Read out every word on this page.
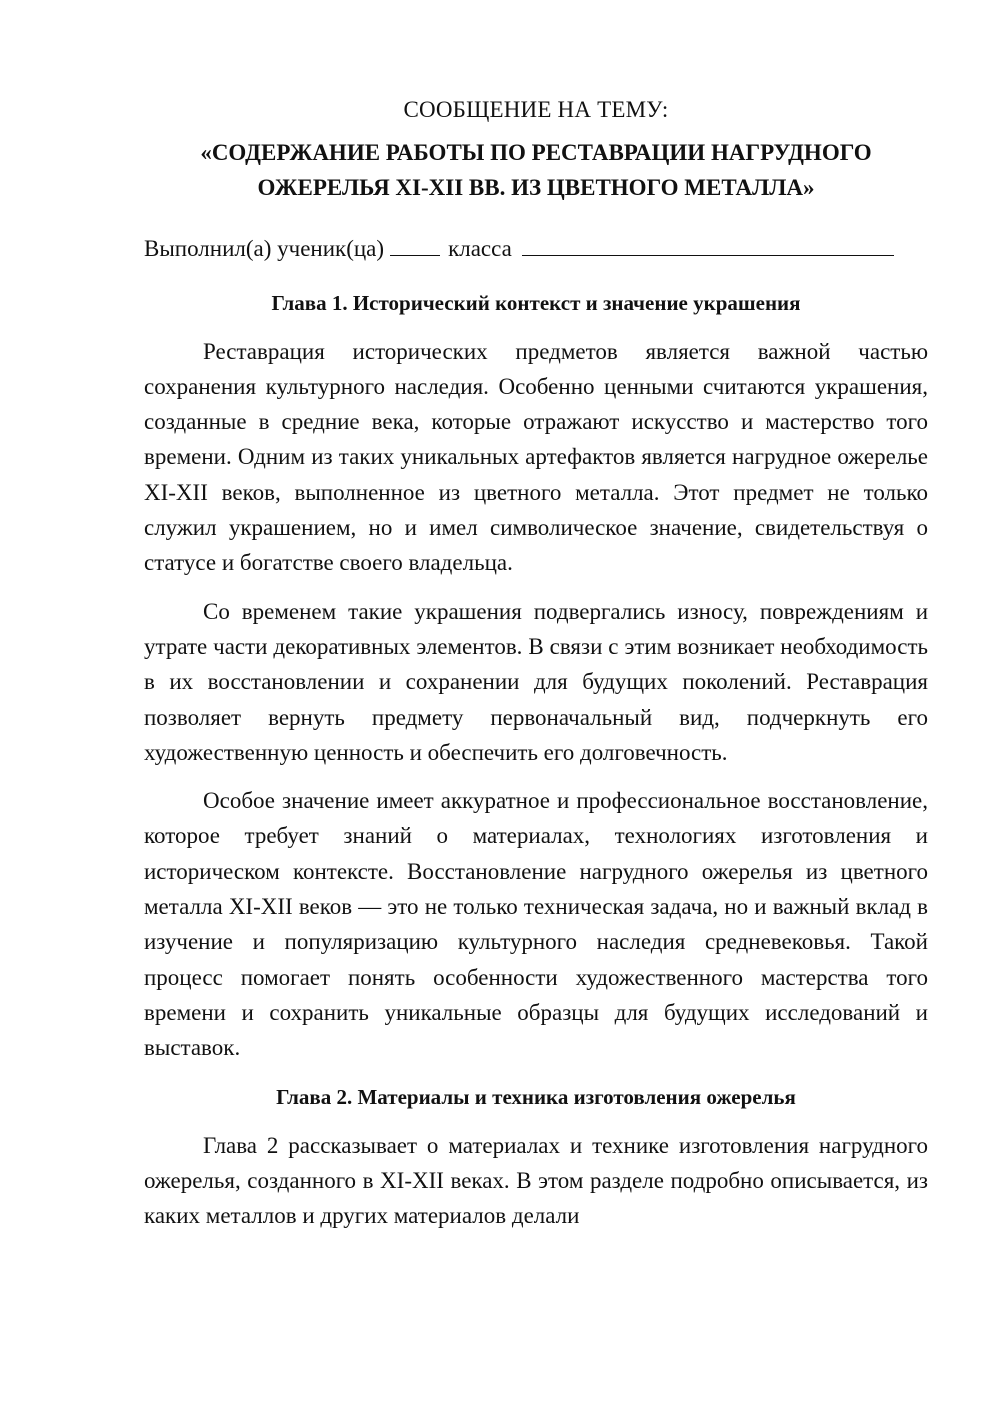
СООБЩЕНИЕ НА ТЕМУ:

«СОДЕРЖАНИЕ РАБОТЫ ПО РЕСТАВРАЦИИ НАГРУДНОГО ОЖЕРЕЛЬЯ XI-XII ВВ. ИЗ ЦВЕТНОГО МЕТАЛЛА»

Выполнил(а) ученик(ца)	класса

Глава 1. Исторический контекст и значение украшения

Реставрация исторических предметов является важной частью сохранения культурного наследия. Особенно ценными считаются украшения, созданные в средние века, которые отражают искусство и мастерство того времени. Одним из таких уникальных артефактов является нагрудное ожерелье XI-XII веков, выполненное из цветного металла. Этот предмет не только служил украшением, но и имел символическое значение, свидетельствуя о статусе и богатстве своего владельца.

Со временем такие украшения подвергались износу, повреждениям и утрате части декоративных элементов. В связи с этим возникает необходимость в их восстановлении и сохранении для будущих поколений. Реставрация позволяет вернуть предмету первоначальный вид, подчеркнуть его художественную ценность и обеспечить его долговечность.

Особое значение имеет аккуратное и профессиональное восстановление, которое требует знаний о материалах, технологиях изготовления и историческом контексте. Восстановление нагрудного ожерелья из цветного металла XI-XII веков — это не только техническая задача, но и важный вклад в изучение и популяризацию культурного наследия средневековья. Такой процесс помогает понять особенности художественного мастерства того времени и сохранить уникальные образцы для будущих исследований и выставок.

Глава 2. Материалы и техника изготовления ожерелья

Глава 2 рассказывает о материалах и технике изготовления нагрудного ожерелья, созданного в XI-XII веках. В этом разделе подробно описывается, из каких металлов и других материалов делали
